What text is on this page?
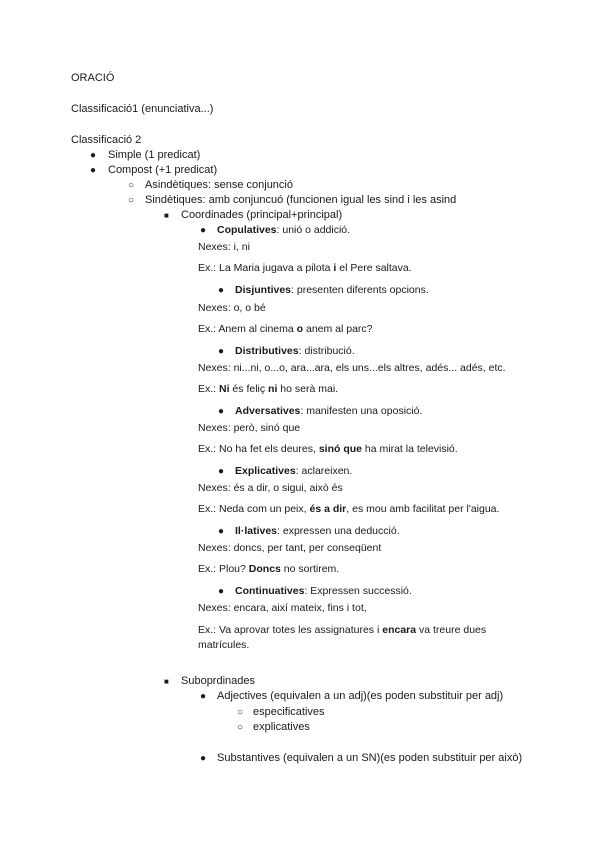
ORACIÓ
Classificació1 (enunciativa...)
Classificació 2
● Simple (1 predicat)
● Compost (+1 predicat)
○ Asindètiques: sense conjunció
○ Sindètiques: amb conjuncuó (funcionen igual les sind i les asind
■ Coordinades (principal+principal)
● Copulatives: unió o addició.
Nexes: i, ni
Ex.: La Maria jugava a pilota i el Pere saltava.
● Disjuntives: presenten diferents opcions.
Nexes: o, o bé
Ex.: Anem al cinema o anem al parc?
● Distributives: distribució.
Nexes: ni...ni, o...o, ara...ara, els uns...els altres, adés... adés, etc.
Ex.: Ni és feliç ni ho serà mai.
● Adversatives: manifesten una oposició.
Nexes: però, sinó que
Ex.: No ha fet els deures, sinó que ha mirat la televisió.
● Explicatives: aclareixen.
Nexes: és a dir, o sigui, això és
Ex.: Neda com un peix, és a dir, es mou amb facilitat per l'aigua.
● Il·latives: expressen una deducció.
Nexes: doncs, per tant, per conseqüent
Ex.: Plou? Doncs no sortirem.
● Continuatives: Expressen successió.
Nexes: encara, així mateix, fins i tot,
Ex.: Va aprovar totes les assignatures i encara va treure dues
matrícules.
■ Suboprdinades
● Adjectives (equivalen a un adj)(es poden substituir per adj)
○ especificatives
○ explicatives
● Substantives (equivalen a un SN)(es poden substituir per això)
